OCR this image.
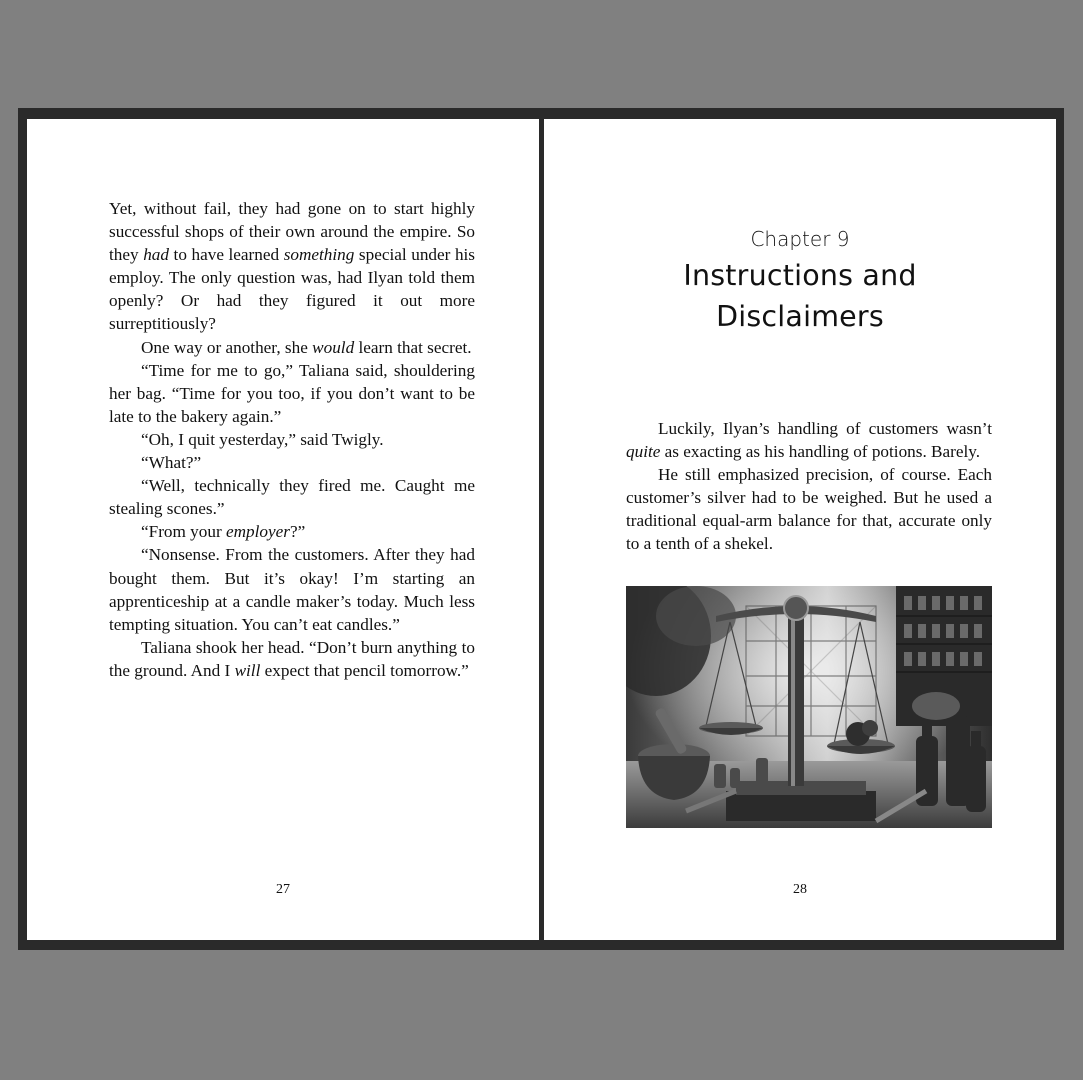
Yet, without fail, they had gone on to start highly successful shops of their own around the empire. So they had to have learned something special under his employ. The only question was, had Ilyan told them openly? Or had they figured it out more surreptitiously?

One way or another, she would learn that secret.

“Time for me to go,” Taliana said, shouldering her bag. “Time for you too, if you don’t want to be late to the bakery again.”

“Oh, I quit yesterday,” said Twigly.

“What?”

“Well, technically they fired me. Caught me stealing scones.”

“From your employer?”

“Nonsense. From the customers. After they had bought them. But it’s okay! I’m starting an apprenticeship at a candle maker’s today. Much less tempting situation. You can’t eat candles.”

Taliana shook her head. “Don’t burn anything to the ground. And I will expect that pencil tomorrow.”

27
Chapter 9
Instructions and
Disclaimers

Luckily, Ilyan’s handling of customers wasn’t quite as exacting as his handling of potions. Barely.

He still emphasized precision, of course. Each customer’s silver had to be weighed. But he used a traditional equal-arm balance for that, accurate only to a tenth of a shekel.

28
